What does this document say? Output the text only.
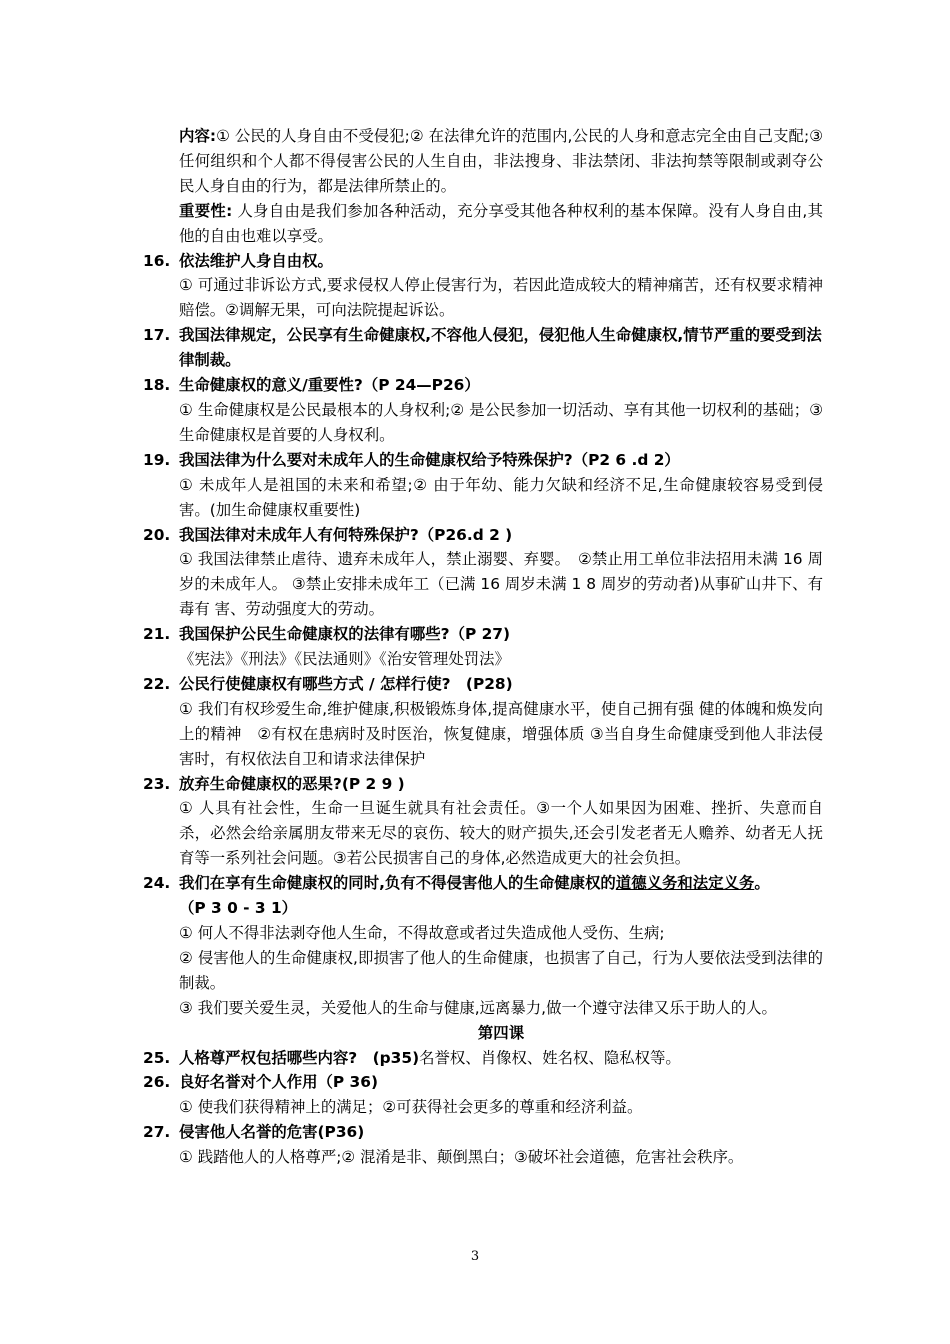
内容:① 公民的人身自由不受侵犯;② 在法律允许的范围内,公民的人身和意志完全由自己支配;③ 任何组织和个人都不得侵害公民的人生自由，非法搜身、非法禁闭、非法拘禁等限制或剥夺公民人身自由的行为，都是法律所禁止的。

重要性: 人身自由是我们参加各种活动，充分享受其他各种权利的基本保障。没有人身自由,其他的自由也难以享受。

16. 依法维护人身自由权。

① 可通过非诉讼方式,要求侵权人停止侵害行为，若因此造成较大的精神痛苦，还有权要求精神赔偿。②调解无果，可向法院提起诉讼。

17. 我国法律规定，公民享有生命健康权,不容他人侵犯，侵犯他人生命健康权,情节严重的要受到法律制裁。
18. 生命健康权的意义/重要性?（P 24—P26）

① 生命健康权是公民最根本的人身权利;② 是公民参加一切活动、享有其他一切权利的基础；③生命健康权是首要的人身权利。

19. 我国法律为什么要对未成年人的生命健康权给予特殊保护?（P2 6 .d 2）

① 未成年人是祖国的未来和希望;② 由于年幼、能力欠缺和经济不足,生命健康较容易受到侵害。(加生命健康权重要性)

20. 我国法律对未成年人有何特殊保护?（P26.d 2 )

① 我国法律禁止虐待、遗弃未成年人，禁止溺婴、弃婴。　②禁止用工单位非法招用未满 16 周岁的未成年人。 ③禁止安排未成年工（已满 16 周岁未满 1 8 周岁的劳动者)从事矿山井下、有毒有 害、劳动强度大的劳动。

21. 我国保护公民生命健康权的法律有哪些?（P 27)

《宪法》《刑法》《民法通则》《治安管理处罚法》

22. 公民行使健康权有哪些方式 / 怎样行使?　(P28)

① 我们有权珍爱生命,维护健康,积极锻炼身体,提高健康水平，使自己拥有强 健的体魄和焕发向上的精神　②有权在患病时及时医治，恢复健康，增强体质 ③当自身生命健康受到他人非法侵害时，有权依法自卫和请求法律保护

23. 放弃生命健康权的恶果?(P 2 9 )

① 人具有社会性，生命一旦诞生就具有社会责任。③一个人如果因为困难、挫折、失意而自杀，必然会给亲属朋友带来无尽的哀伤、较大的财产损失,还会引发老者无人赡养、幼者无人抚育等一系列社会问题。③若公民损害自己的身体,必然造成更大的社会负担。

24. 我们在享有生命健康权的同时,负有不得侵害他人的生命健康权的道德义务和法定义务。
（P 3 0 - 3 1）

① 何人不得非法剥夺他人生命，不得故意或者过失造成他人受伤、生病;

② 侵害他人的生命健康权,即损害了他人的生命健康，也损害了自己，行为人要依法受到法律的制裁。

③ 我们要关爱生灵，关爱他人的生命与健康,远离暴力,做一个遵守法律又乐于助人的人。

第四课

25. 人格尊严权包括哪些内容?　(p35)名誉权、肖像权、姓名权、隐私权等。
26. 良好名誉对个人作用（P 36)

① 使我们获得精神上的满足；②可获得社会更多的尊重和经济利益。

27. 侵害他人名誉的危害(P36)

① 践踏他人的人格尊严;② 混淆是非、颠倒黑白；③破坏社会道德，危害社会秩序。

3
